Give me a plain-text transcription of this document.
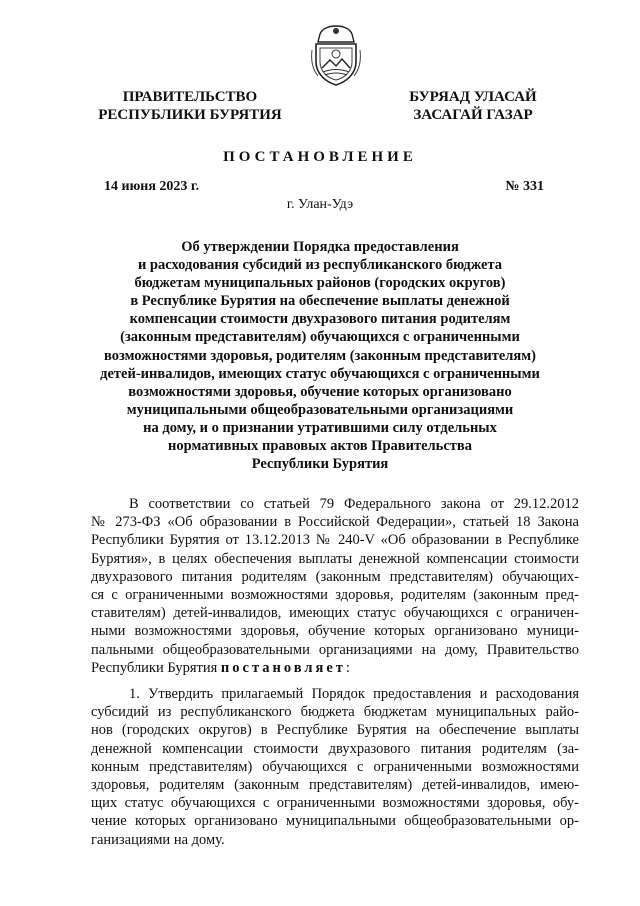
ПРАВИТЕЛЬСТВО
РЕСПУБЛИКИ БУРЯТИЯ
БУРЯАД УЛАСАЙ
ЗАСАГАЙ ГАЗАР
ПОСТАНОВЛЕНИЕ
14 июня 2023 г.	№ 331
г. Улан-Удэ
Об утверждении Порядка предоставления
и расходования субсидий из республиканского бюджета
бюджетам муниципальных районов (городских округов)
в Республике Бурятия на обеспечение выплаты денежной
компенсации стоимости двухразового питания родителям
(законным представителям) обучающихся с ограниченными
возможностями здоровья, родителям (законным представителям)
детей-инвалидов, имеющих статус обучающихся с ограниченными
возможностями здоровья, обучение которых организовано
муниципальными общеобразовательными организациями
на дому, и о признании утратившими силу отдельных
нормативных правовых актов Правительства
Республики Бурятия
В соответствии со статьей 79 Федерального закона от 29.12.2012
№ 273-ФЗ «Об образовании в Российской Федерации», статьей 18 Закона
Республики Бурятия от 13.12.2013 № 240-V «Об образовании в Республике
Бурятия», в целях обеспечения выплаты денежной компенсации стоимости
двухразового питания родителям (законным представителям) обучающих-
ся с ограниченными возможностями здоровья, родителям (законным пред-
ставителям) детей-инвалидов, имеющих статус обучающихся с ограничен-
ными возможностями здоровья, обучение которых организовано муници-
пальными общеобразовательными организациями на дому, Правительство
Республики Бурятия постановляет:
1. Утвердить прилагаемый Порядок предоставления и расходования
субсидий из республиканского бюджета бюджетам муниципальных райо-
нов (городских округов) в Республике Бурятия на обеспечение выплаты
денежной компенсации стоимости двухразового питания родителям (за-
конным представителям) обучающихся с ограниченными возможностями
здоровья, родителям (законным представителям) детей-инвалидов, имею-
щих статус обучающихся с ограниченными возможностями здоровья, обу-
чение которых организовано муниципальными общеобразовательными ор-
ганизациями на дому.
